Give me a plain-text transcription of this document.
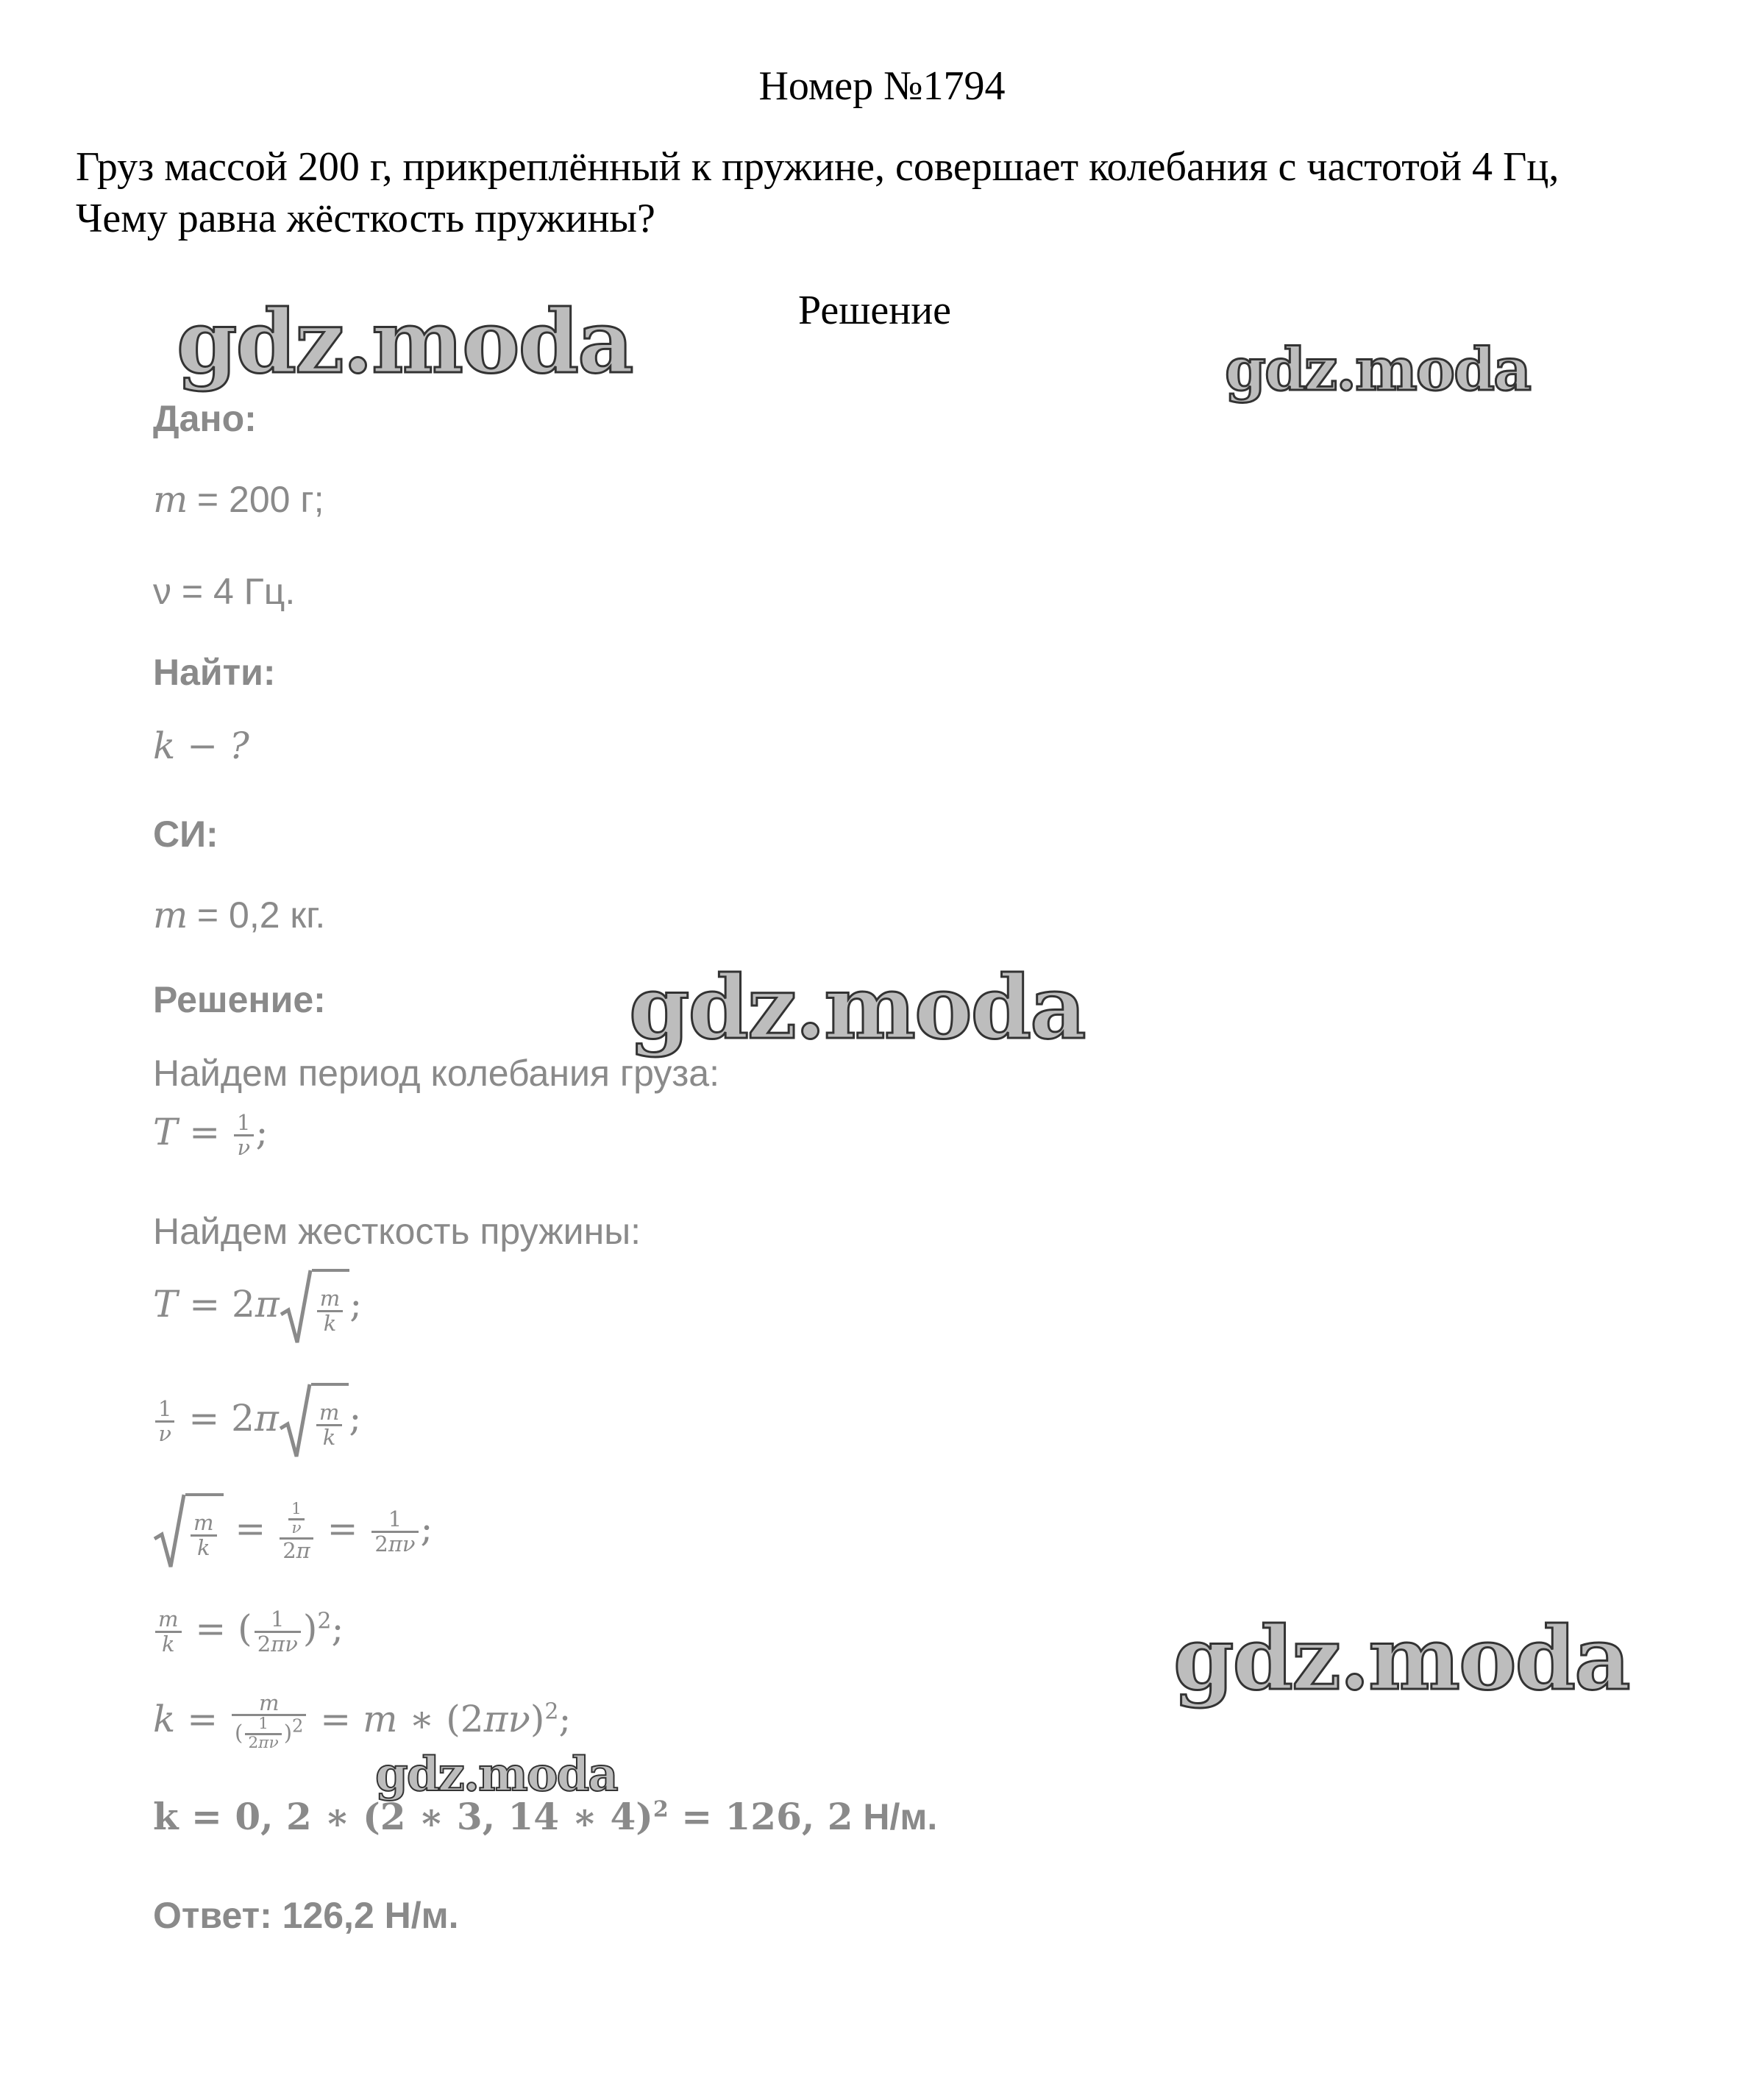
Номер №1794
Груз массой 200 г, прикреплённый к пружине, совершает колебания с частотой 4 Гц,
Чему равна жёсткость пружины?
Решение
Дано:
m = 200 г;
ν = 4 Гц.
Найти:
k − ?
СИ:
m = 0,2 кг.
Решение:
Найдем период колебания груза:
$T = \frac{1}{\nu}$ ;
Найдем жесткость пружины:
$T = 2\pi \frac{m}{k}$ ;
$\frac{1}{\nu} = 2\pi \frac{m}{k}$ ;
$\frac{m}{k} = \frac{\frac{1}{\nu}}{2\pi} = \frac{1}{2\pi\nu}$ ;
$\frac{m}{k}$ = ( $\frac{1}{2\pi\nu} )^2$;
$k = \frac{m}{( \frac{1}{2\pi\nu} )^2} = m$ ∗ $(2\pi\nu)^2$;
k = 0, 2 ∗ (2 ∗ 3, 14 ∗ 4)$^2$ = 126, 2 Н/м.
Ответ: 126,2 Н/м.
gdz.moda	gdz.moda
gdz.moda
gdz.moda
gdz.moda
